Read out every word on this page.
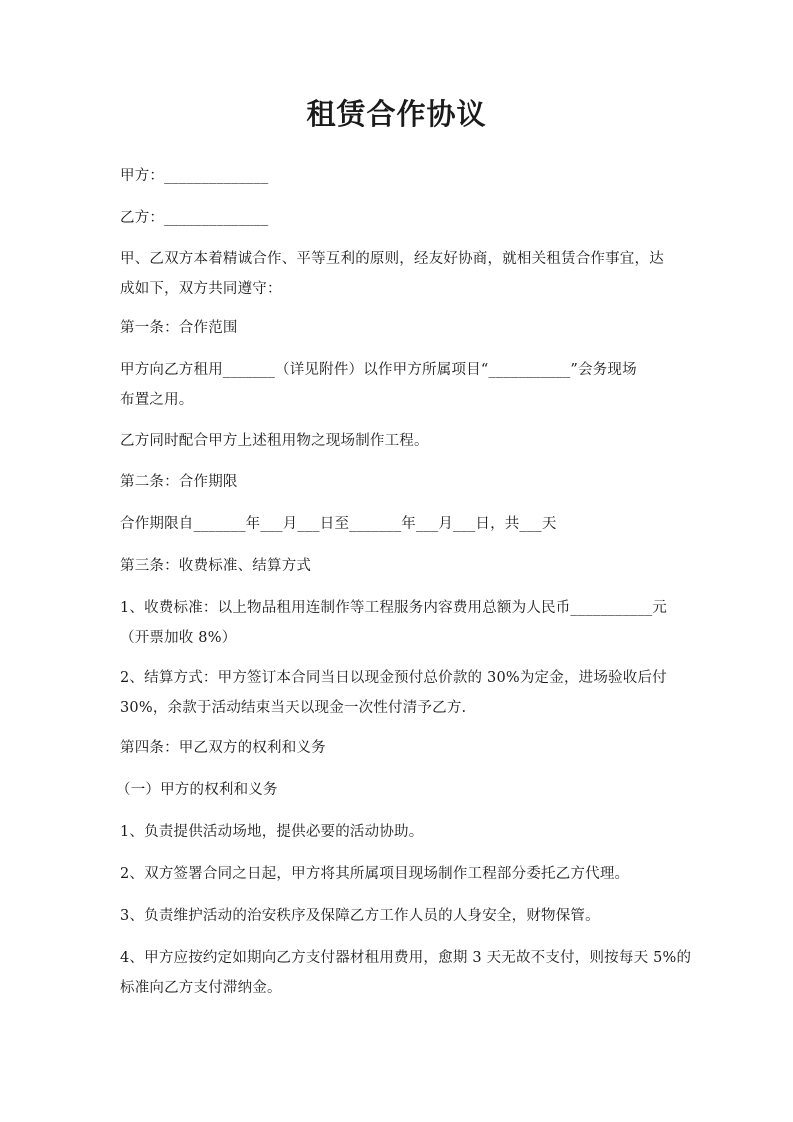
租赁合作协议
甲方：______________
乙方：______________
甲、乙双方本着精诚合作、平等互利的原则，经友好协商，就相关租赁合作事宜，达
成如下，双方共同遵守：
第一条：合作范围
甲方向乙方租用_______（详见附件）以作甲方所属项目“___________”会务现场
布置之用。
乙方同时配合甲方上述租用物之现场制作工程。
第二条：合作期限
合作期限自_______年___月___日至_______年___月___日，共___天
第三条：收费标准、结算方式
1、收费标准：以上物品租用连制作等工程服务内容费用总额为人民币___________元
（开票加收 8%）
2、结算方式：甲方签订本合同当日以现金预付总价款的 30%为定金，进场验收后付
30%，余款于活动结束当天以现金一次性付清予乙方.
第四条：甲乙双方的权利和义务
（一）甲方的权利和义务
1、负责提供活动场地，提供必要的活动协助。
2、双方签署合同之日起，甲方将其所属项目现场制作工程部分委托乙方代理。
3、负责维护活动的治安秩序及保障乙方工作人员的人身安全，财物保管。
4、甲方应按约定如期向乙方支付器材租用费用，愈期 3 天无故不支付，则按每天 5%的
标准向乙方支付滞纳金。
